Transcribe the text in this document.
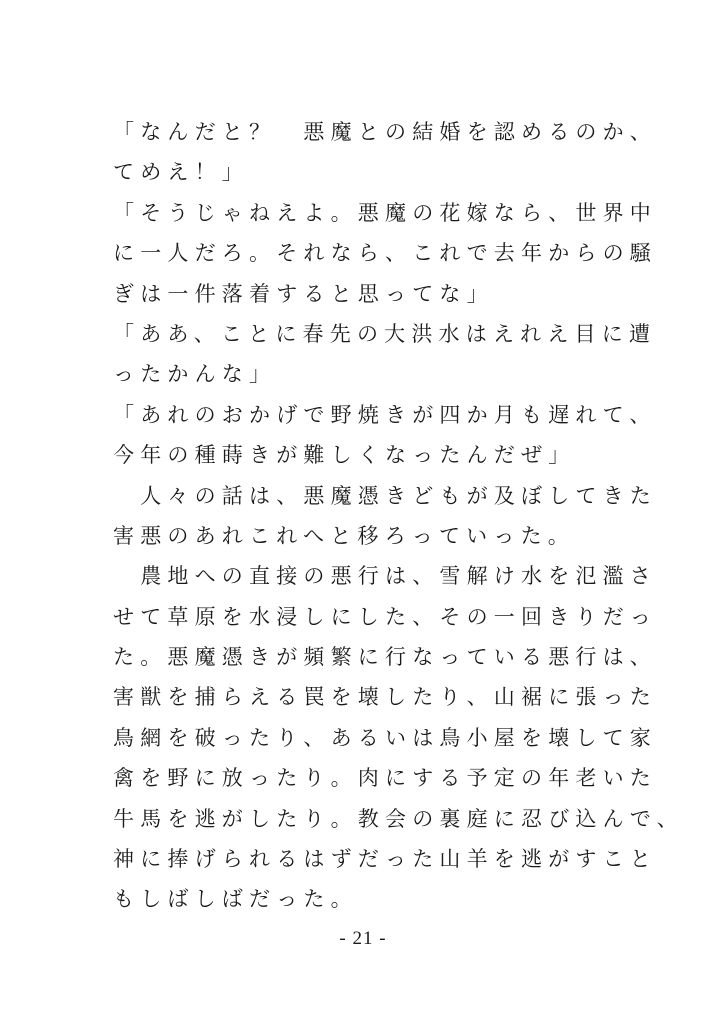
「なんだと？　悪魔との結婚を認めるのか、
てめえ！」
「そうじゃねえよ。悪魔の花嫁なら、世界中
に一人だろ。それなら、これで去年からの騒
ぎは一件落着すると思ってな」
「ああ、ことに春先の大洪水はえれえ目に遭
ったかんな」
「あれのおかげで野焼きが四か月も遅れて、
今年の種蒔きが難しくなったんだぜ」
　人々の話は、悪魔憑きどもが及ぼしてきた
害悪のあれこれへと移ろっていった。
　農地への直接の悪行は、雪解け水を氾濫さ
せて草原を水浸しにした、その一回きりだっ
た。悪魔憑きが頻繁に行なっている悪行は、
害獣を捕らえる罠を壊したり、山裾に張った
鳥網を破ったり、あるいは鳥小屋を壊して家
禽を野に放ったり。肉にする予定の年老いた
牛馬を逃がしたり。教会の裏庭に忍び込んで、
神に捧げられるはずだった山羊を逃がすこと
もしばしばだった。
- 21 -
